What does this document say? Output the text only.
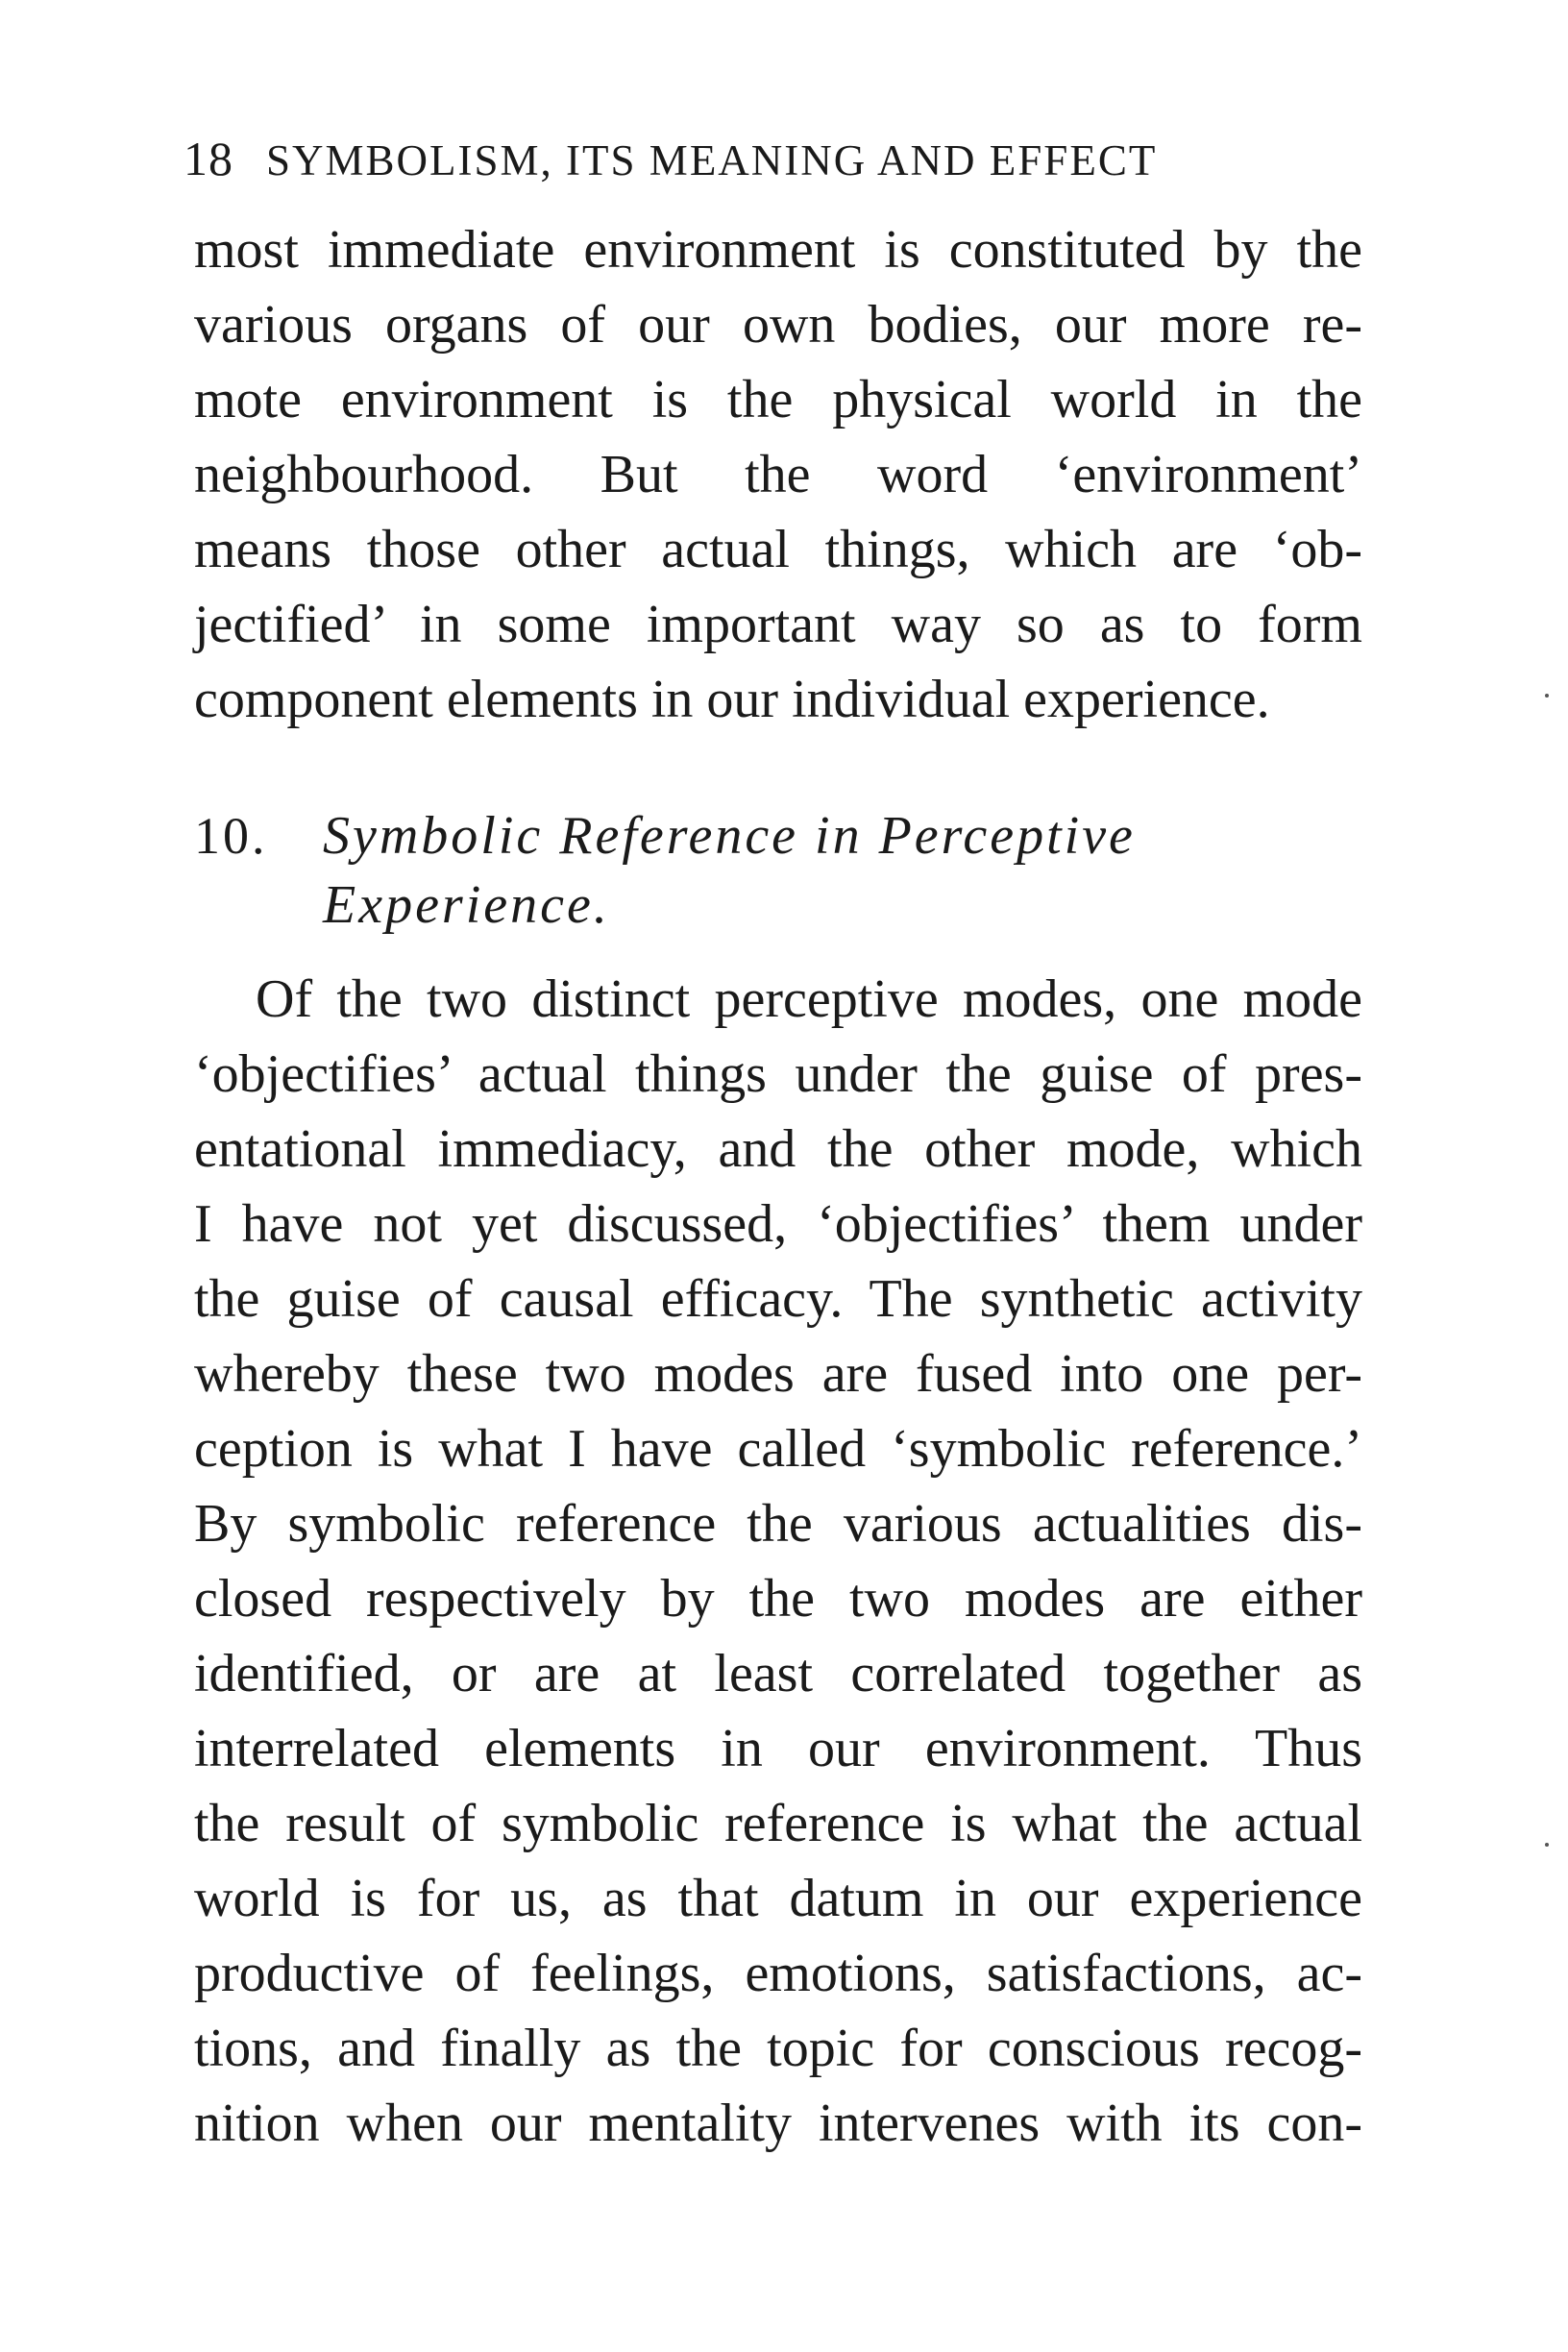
18 SYMBOLISM, ITS MEANING AND EFFECT
most immediate environment is constituted by the
various organs of our own bodies, our more re-
mote environment is the physical world in the
neighbourhood. But the word ‘environment’
means those other actual things, which are ‘ob-
jectified’ in some important way so as to form
component elements in our individual experience.
10. Symbolic Reference in Perceptive
Experience.
Of the two distinct perceptive modes, one mode
‘objectifies’ actual things under the guise of pres-
entational immediacy, and the other mode, which
I have not yet discussed, ‘objectifies’ them under
the guise of causal efficacy. The synthetic activity
whereby these two modes are fused into one per-
ception is what I have called ‘symbolic reference.’
By symbolic reference the various actualities dis-
closed respectively by the two modes are either
identified, or are at least correlated together as
interrelated elements in our environment. Thus
the result of symbolic reference is what the actual
world is for us, as that datum in our experience
productive of feelings, emotions, satisfactions, ac-
tions, and finally as the topic for conscious recog-
nition when our mentality intervenes with its con-
